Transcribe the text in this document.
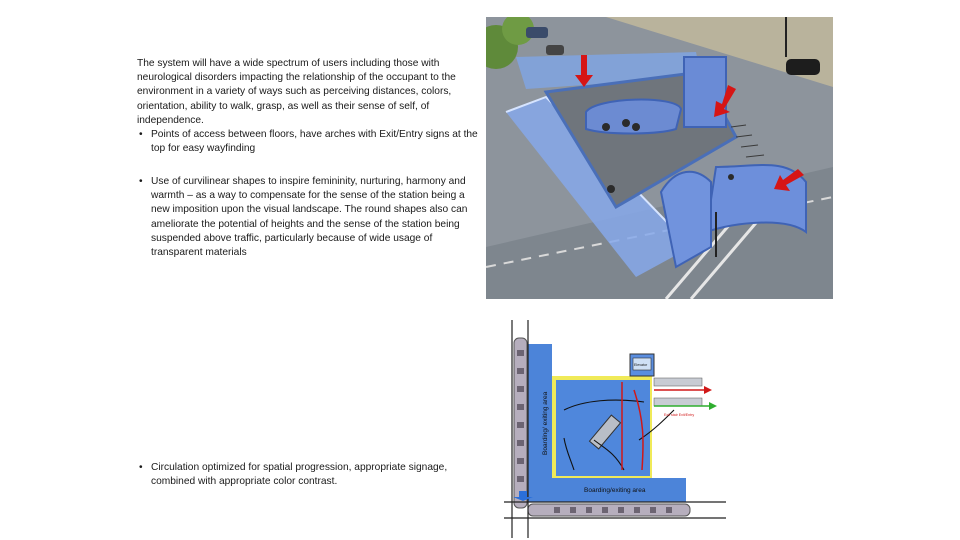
The system will have a wide spectrum of users including those with neurological disorders impacting the relationship of the occupant to the environment in a variety of ways such as perceiving distances, colors, orientation, ability to walk, grasp, as well as their sense of self, of independence.
• Points of access between floors, have arches with Exit/Entry signs at the top for easy wayfinding
• Use of curvilinear shapes to inspire femininity, nurturing, harmony and warmth – as a way to compensate for the sense of the station being a new imposition upon the visual landscape. The round shapes also can ameliorate the potential of heights and the sense of the station being suspended above traffic, particularly because of wide usage of transparent materials
• Circulation optimized for spatial progression, appropriate signage, combined with appropriate color contrast.
Boarding/ exiting area
Boarding/exiting area
Elevator
Exit stair Exit/Entry
